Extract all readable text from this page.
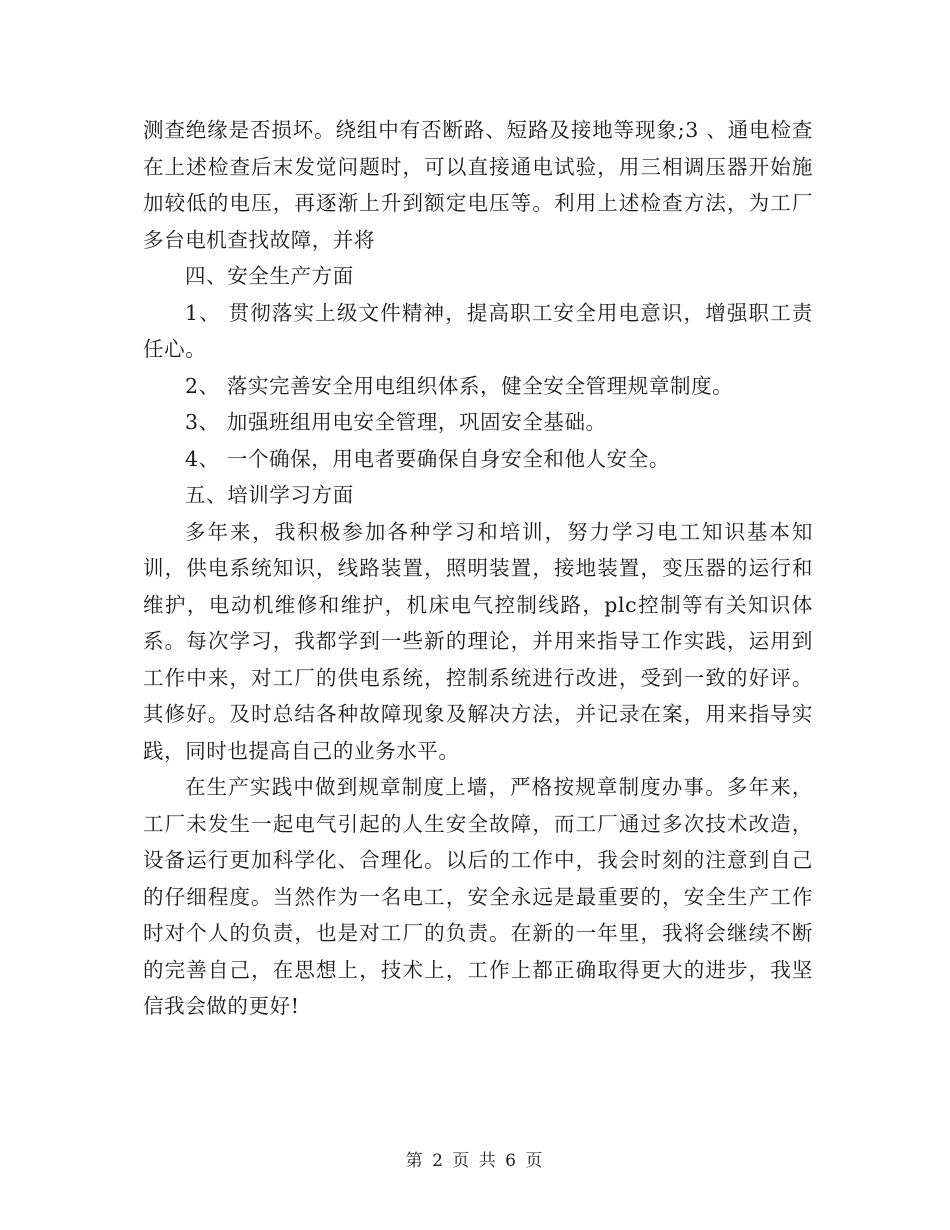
测查绝缘是否损坏。绕组中有否断路、短路及接地等现象;3 、通电检查 在上述检查后末发觉问题时，可以直接通电试验，用三相调压器开始施加较低的电压，再逐渐上升到额定电压等。利用上述检查方法，为工厂多台电机查找故障，并将

四、安全生产方面

1、 贯彻落实上级文件精神，提高职工安全用电意识，增强职工责任心。

2、 落实完善安全用电组织体系，健全安全管理规章制度。

3、 加强班组用电安全管理，巩固安全基础。

4、 一个确保，用电者要确保自身安全和他人安全。

五、培训学习方面

多年来，我积极参加各种学习和培训，努力学习电工知识基本知训，供电系统知识，线路装置，照明装置，接地装置，变压器的运行和维护，电动机维修和维护，机床电气控制线路，plc控制等有关知识体系。每次学习，我都学到一些新的理论，并用来指导工作实践，运用到工作中来，对工厂的供电系统，控制系统进行改进，受到一致的好评。其修好。及时总结各种故障现象及解决方法，并记录在案，用来指导实践，同时也提高自己的业务水平。

在生产实践中做到规章制度上墙，严格按规章制度办事。多年来，工厂未发生一起电气引起的人生安全故障，而工厂通过多次技术改造，设备运行更加科学化、合理化。以后的工作中，我会时刻的注意到自己的仔细程度。当然作为一名电工，安全永远是最重要的，安全生产工作时对个人的负责，也是对工厂的负责。在新的一年里，我将会继续不断的完善自己，在思想上，技术上，工作上都正确取得更大的进步，我坚信我会做的更好!

第 2 页 共 6 页
